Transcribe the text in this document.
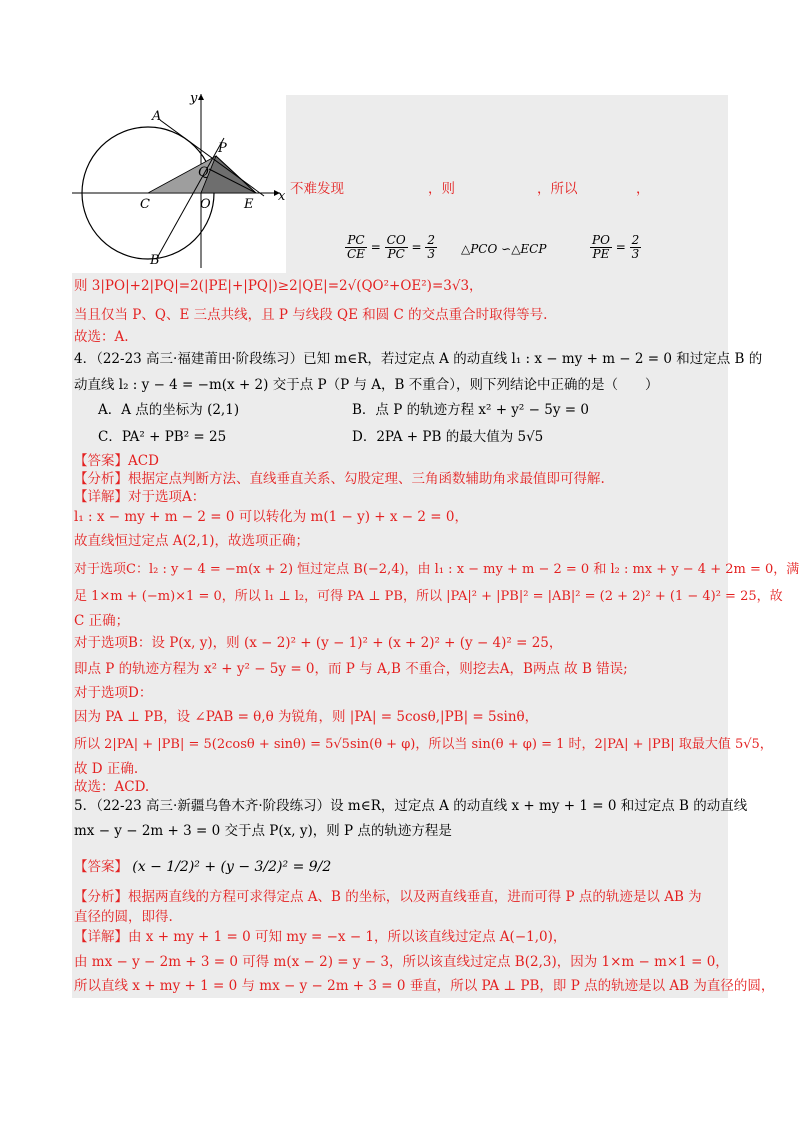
y
x
A
B
P
Q
C	O	E
不难发现	，则	，所以	，
$\frac{PC}{CE} = \frac{CO}{PC} = \frac{2}{3}$ △PCO ∽△ECP	$\frac{PO}{PE} = \frac{2}{3}$
则 3|PO|+2|PQ|=2(|PE|+|PQ|)≥2|QE|=2√(QO²+OE²)=3√3，
当且仅当 P、Q、E 三点共线，且 P 与线段 QE 和圆 C 的交点重合时取得等号.
故选：A.
4．（22-23 高三·福建莆田·阶段练习）已知 m∈R，若过定点 A 的动直线 l₁ : x − my + m − 2 = 0 和过定点 B 的
动直线 l₂ : y − 4 = −m(x + 2) 交于点 P（P 与 A，B 不重合），则下列结论中正确的是（　　）
A．A 点的坐标为 (2,1)	B．点 P 的轨迹方程 x² + y² − 5y = 0
C．PA² + PB² = 25	D．2PA + PB 的最大值为 5√5
【答案】ACD
【分析】根据定点判断方法、直线垂直关系、勾股定理、三角函数辅助角求最值即可得解.
【详解】对于选项A：
l₁ : x − my + m − 2 = 0 可以转化为 m(1 − y) + x − 2 = 0，
故直线恒过定点 A(2,1)，故选项正确；
对于选项C：l₂ : y − 4 = −m(x + 2) 恒过定点 B(−2,4)，由 l₁ : x − my + m − 2 = 0 和 l₂ : mx + y − 4 + 2m = 0，满
足 1×m + (−m)×1 = 0，所以 l₁ ⊥ l₂，可得 PA ⊥ PB，所以 |PA|² + |PB|² = |AB|² = (2 + 2)² + (1 − 4)² = 25，故
C 正确；
对于选项B：设 P(x, y)，则 (x − 2)² + (y − 1)² + (x + 2)² + (y − 4)² = 25，
即点 P 的轨迹方程为 x² + y² − 5y = 0，而 P 与 A,B 不重合，则挖去A，B两点 故 B 错误;
对于选项D：
因为 PA ⊥ PB，设 ∠PAB = θ,θ 为锐角，则 |PA| = 5cosθ,|PB| = 5sinθ，
所以 2|PA| + |PB| = 5(2cosθ + sinθ) = 5√5sin(θ + φ)，所以当 sin(θ + φ) = 1 时，2|PA| + |PB| 取最大值 5√5，
故 D 正确.
故选：ACD.
5．（22-23 高三·新疆乌鲁木齐·阶段练习）设 m∈R，过定点 A 的动直线 x + my + 1 = 0 和过定点 B 的动直线
mx − y − 2m + 3 = 0 交于点 P(x, y)，则 P 点的轨迹方程是
【答案】 (x − 1/2)² + (y − 3/2)² = 9/2
【分析】根据两直线的方程可求得定点 A、B 的坐标，以及两直线垂直，进而可得 P 点的轨迹是以 AB 为
直径的圆，即得.
【详解】由 x + my + 1 = 0 可知 my = −x − 1，所以该直线过定点 A(−1,0)，
由 mx − y − 2m + 3 = 0 可得 m(x − 2) = y − 3，所以该直线过定点 B(2,3)，因为 1×m − m×1 = 0，
所以直线 x + my + 1 = 0 与 mx − y − 2m + 3 = 0 垂直，所以 PA ⊥ PB，即 P 点的轨迹是以 AB 为直径的圆，
